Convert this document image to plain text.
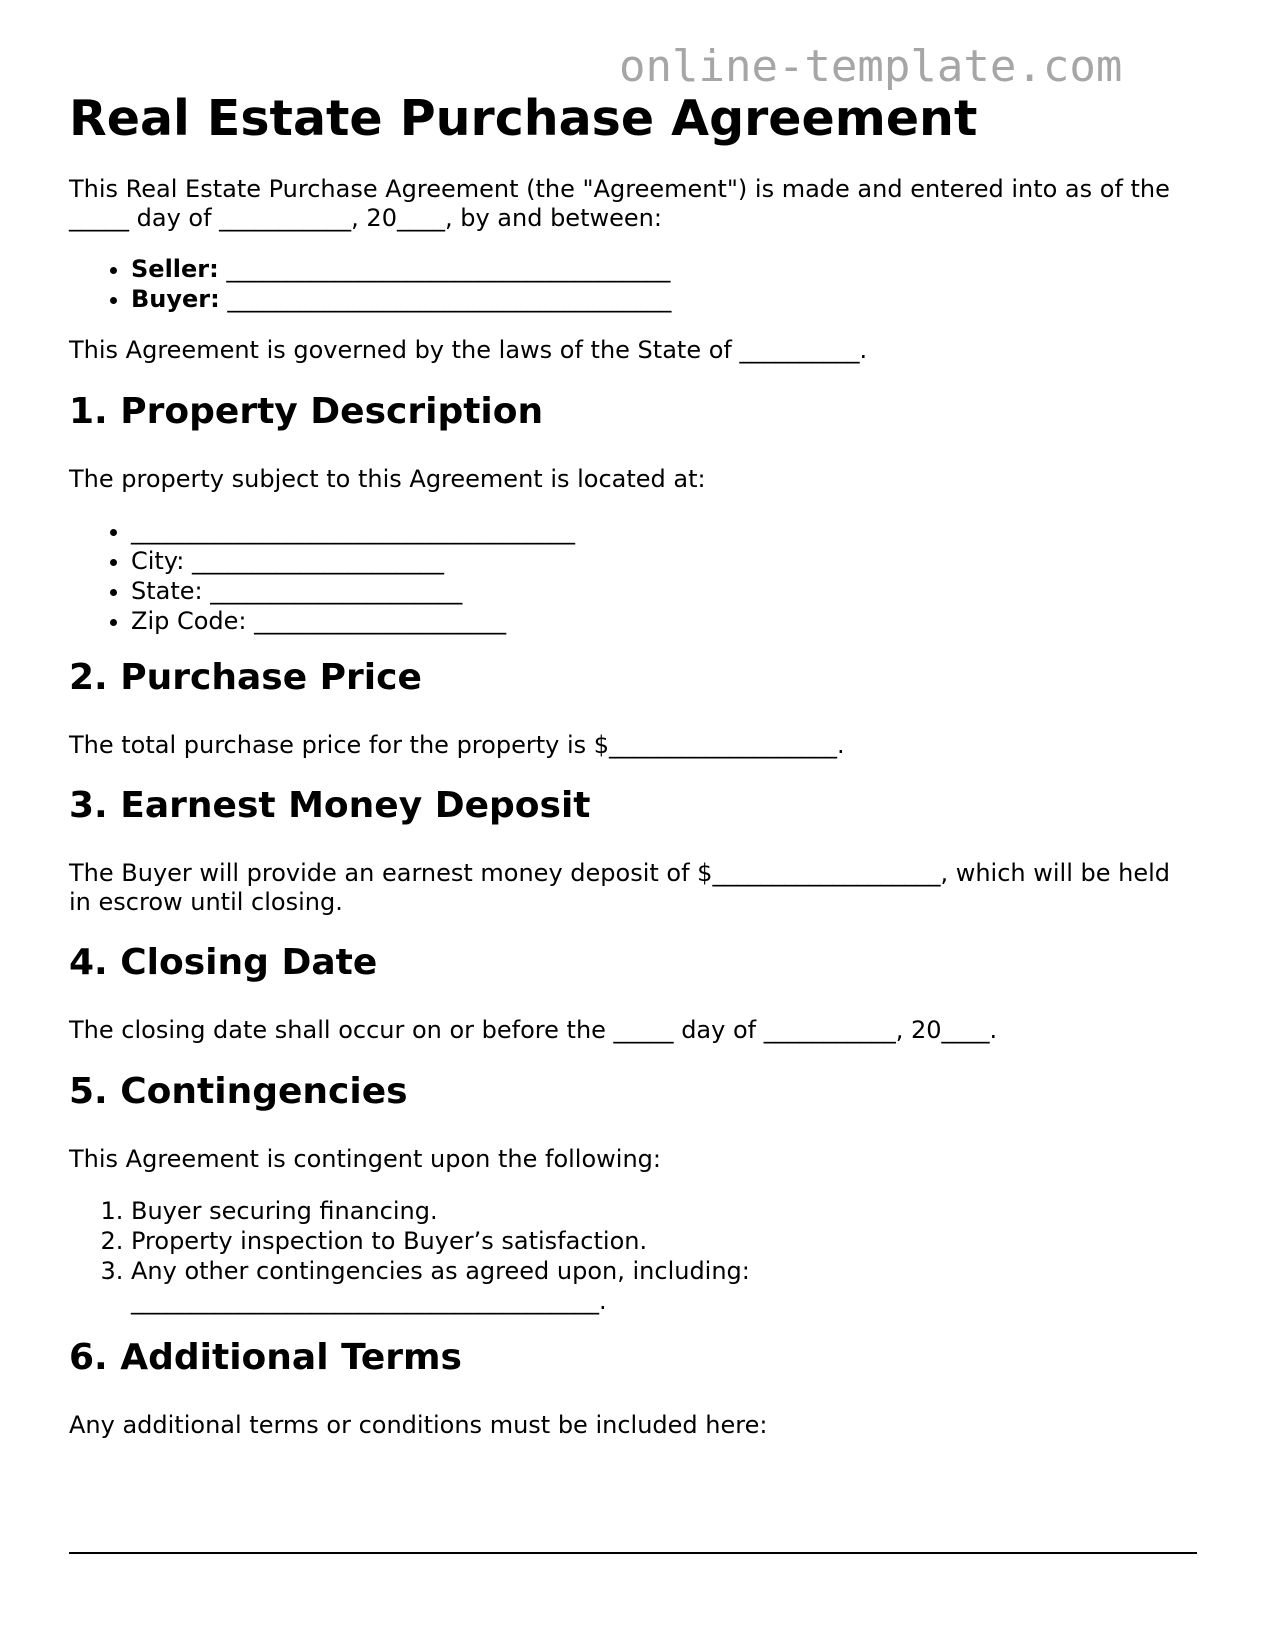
online-template.com
Real Estate Purchase Agreement

This Real Estate Purchase Agreement (the "Agreement") is made and entered into as of the _____ day of ___________, 20____, by and between:

• Seller: _____________________________________
• Buyer: _____________________________________

This Agreement is governed by the laws of the State of __________.

1. Property Description

The property subject to this Agreement is located at:

• _____________________________________
• City: _____________________
• State: _____________________
• Zip Code: _____________________
2. Purchase Price

The total purchase price for the property is $___________________.

3. Earnest Money Deposit

The Buyer will provide an earnest money deposit of $___________________, which will be held in escrow until closing.

4. Closing Date

The closing date shall occur on or before the _____ day of ___________, 20____.

5. Contingencies

This Agreement is contingent upon the following:

1. Buyer securing financing.
2. Property inspection to Buyer’s satisfaction.
3. Any other contingencies as agreed upon, including: _______________________________________.
6. Additional Terms

Any additional terms or conditions must be included here:
